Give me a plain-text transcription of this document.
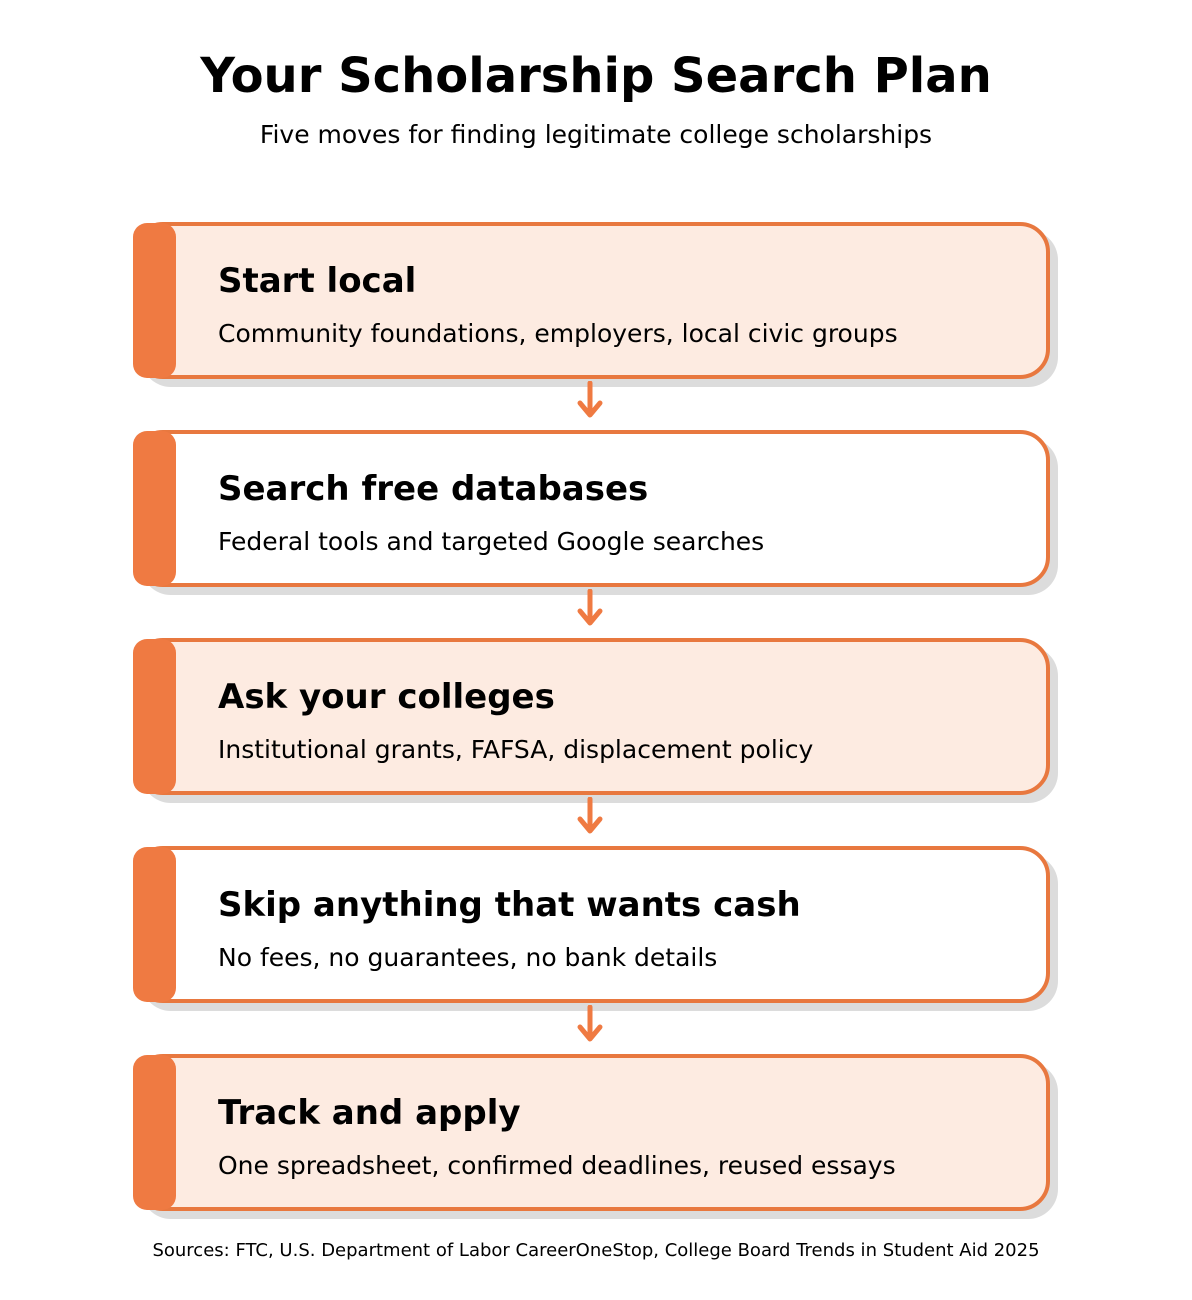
Your Scholarship Search Plan

Five moves for finding legitimate college scholarships

Start local
Community foundations, employers, local civic groups
Search free databases
Federal tools and targeted Google searches
Ask your colleges
Institutional grants, FAFSA, displacement policy
Skip anything that wants cash
No fees, no guarantees, no bank details
Track and apply
One spreadsheet, confirmed deadlines, reused essays
Sources: FTC, U.S. Department of Labor CareerOneStop, College Board Trends in Student Aid 2025
